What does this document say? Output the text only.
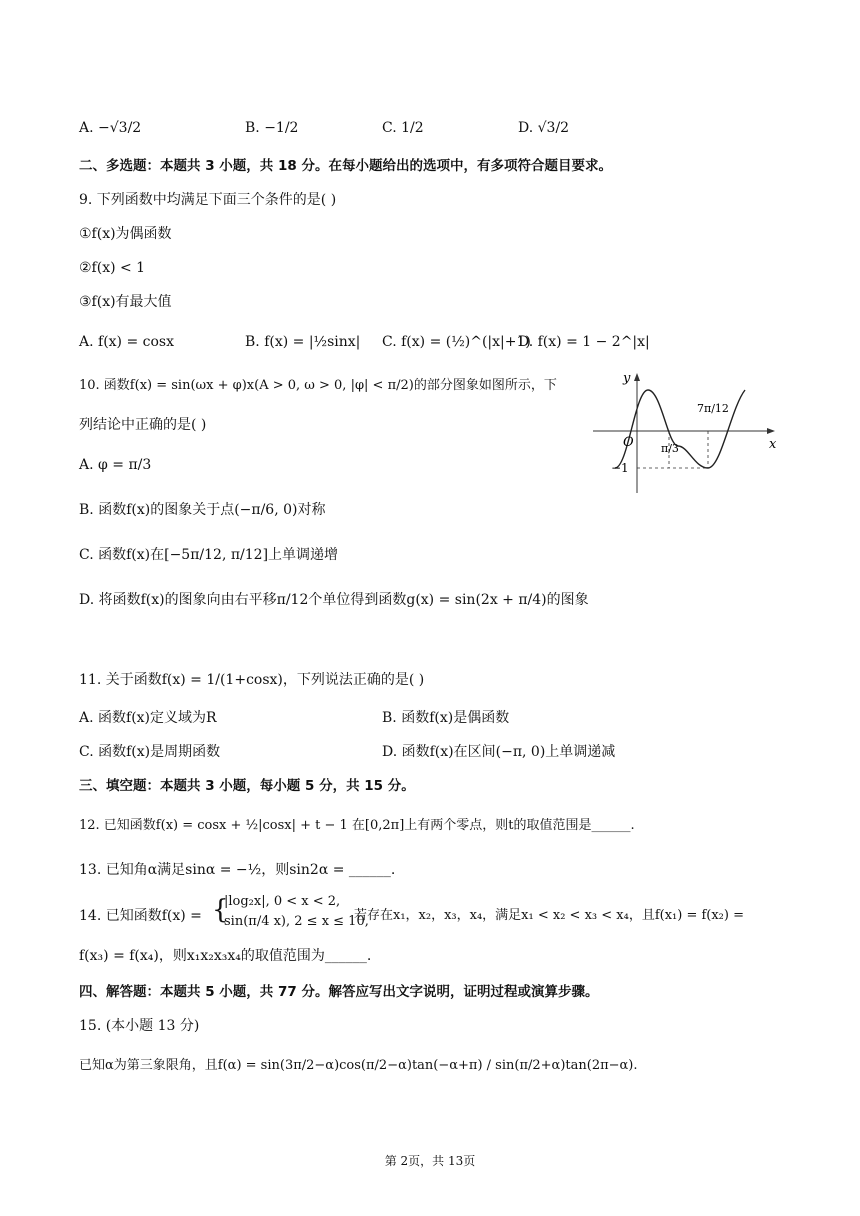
A. −√3/2	B. −1/2	C. 1/2	D. √3/2
二、多选题：本题共 3 小题，共 18 分。在每小题给出的选项中，有多项符合题目要求。
9. 下列函数中均满足下面三个条件的是( )
①f(x)为偶函数
②f(x) < 1
③f(x)有最大值
A. f(x) = cosx	B. f(x) = |½sinx| C. f(x) = (½)^(|x|+1)
D. f(x) = 1 − 2^|x|
10. 函数f(x) = sin(ωx + φ)x(A > 0, ω > 0, |φ| < π/2)的部分图象如图所示，下
列结论中正确的是( )
A. φ = π/3
B. 函数f(x)的图象关于点(−π/6, 0)对称
C. 函数f(x)在[−5π/12, π/12]上单调递增
D. 将函数f(x)的图象向由右平移π/12个单位得到函数g(x) = sin(2x + π/4)的图象
y
x
O π/3
7π/12
−1
11. 关于函数f(x) = 1/(1+cosx)，下列说法正确的是( )
A. 函数f(x)定义域为R	B. 函数f(x)是偶函数
C. 函数f(x)是周期函数	D. 函数f(x)在区间(−π, 0)上单调递减
三、填空题：本题共 3 小题，每小题 5 分，共 15 分。
12. 已知函数f(x) = cosx + ½|cosx| + t − 1 在[0,2π]上有两个零点，则t的取值范围是______.
13. 已知角α满足sinα = −½，则sin2α = ______.
14. 已知函数f(x) = {
|log₂x|, 0 < x < 2,
sin(π/4 x), 2 ≤ x ≤ 10,
若存在x₁，x₂，x₃，x₄，满足x₁ < x₂ < x₃ < x₄，且f(x₁) = f(x₂) =
f(x₃) = f(x₄)，则x₁x₂x₃x₄的取值范围为______.
四、解答题：本题共 5 小题，共 77 分。解答应写出文字说明，证明过程或演算步骤。
15. (本小题 13 分)
已知α为第三象限角，且f(α) = sin(3π/2−α)cos(π/2−α)tan(−α+π) / sin(π/2+α)tan(2π−α).
第 2页，共 13页
